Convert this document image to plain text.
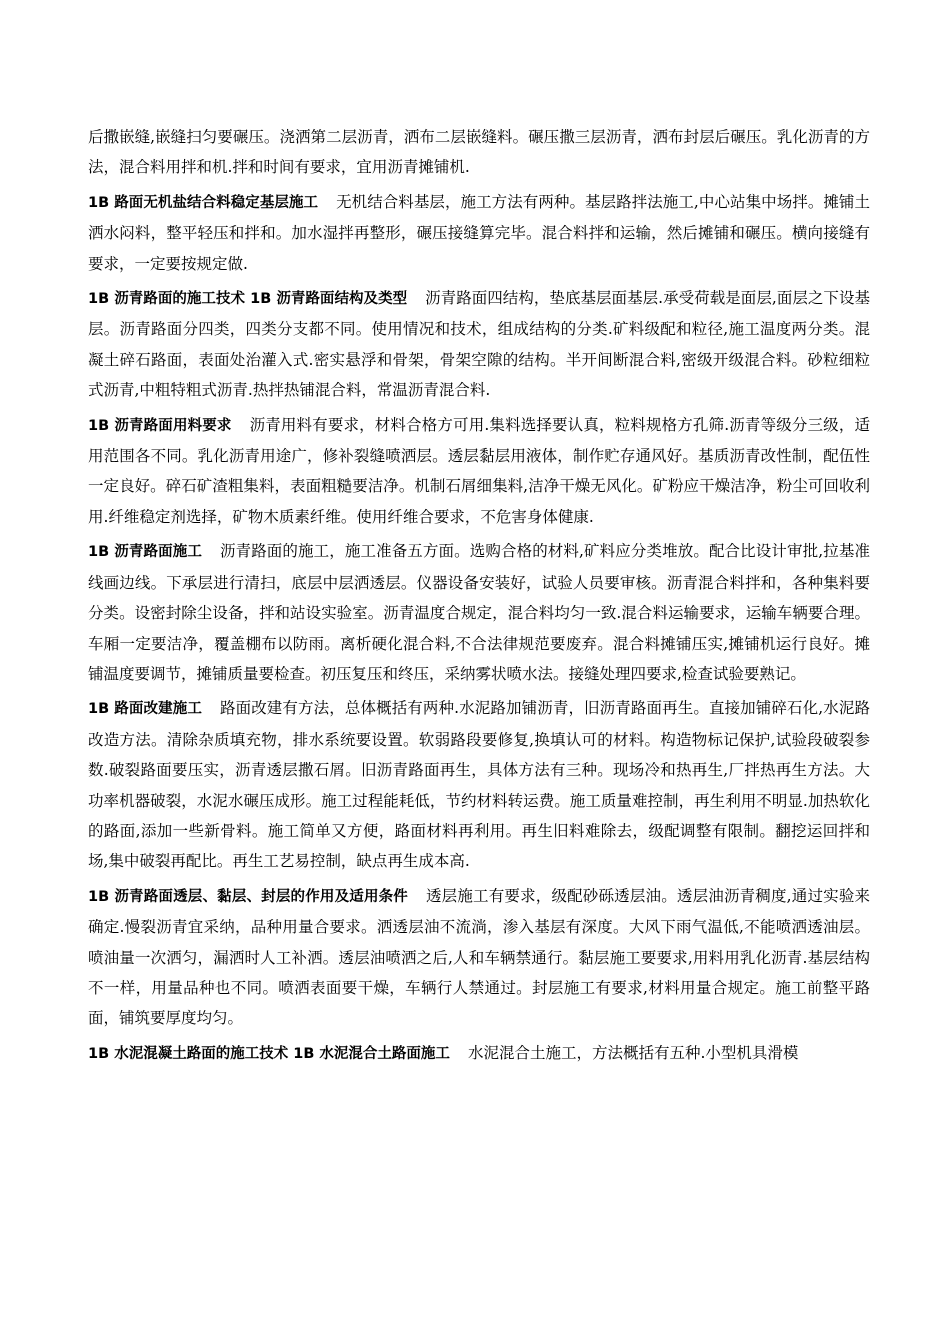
后撒嵌缝,嵌缝扫匀要碾压。浇洒第二层沥青，洒布二层嵌缝料。碾压撒三层沥青，洒布封层后碾压。乳化沥青的方法，混合料用拌和机.拌和时间有要求，宜用沥青摊铺机.

1B 路面无机盐结合料稳定基层施工 无机结合料基层，施工方法有两种。基层路拌法施工,中心站集中场拌。摊铺土洒水闷料，整平轻压和拌和。加水湿拌再整形，碾压接缝算完毕。混合料拌和运输，然后摊铺和碾压。横向接缝有要求，一定要按规定做.

1B 沥青路面的施工技术 1B 沥青路面结构及类型 沥青路面四结构，垫底基层面基层.承受荷载是面层,面层之下设基层。沥青路面分四类，四类分支都不同。使用情况和技术，组成结构的分类.矿料级配和粒径,施工温度两分类。混凝土碎石路面，表面处治灌入式.密实悬浮和骨架，骨架空隙的结构。半开间断混合料,密级开级混合料。砂粒细粒式沥青,中粗特粗式沥青.热拌热铺混合料，常温沥青混合料.

1B 沥青路面用料要求 沥青用料有要求，材料合格方可用.集料选择要认真，粒料规格方孔筛.沥青等级分三级，适用范围各不同。乳化沥青用途广，修补裂缝喷洒层。透层黏层用液体，制作贮存通风好。基质沥青改性制，配伍性一定良好。碎石矿渣粗集料，表面粗糙要洁净。机制石屑细集料,洁净干燥无风化。矿粉应干燥洁净，粉尘可回收利用.纤维稳定剂选择，矿物木质素纤维。使用纤维合要求，不危害身体健康.

1B 沥青路面施工 沥青路面的施工，施工准备五方面。选购合格的材料,矿料应分类堆放。配合比设计审批,拉基准线画边线。下承层进行清扫，底层中层洒透层。仪器设备安装好，试验人员要审核。沥青混合料拌和，各种集料要分类。设密封除尘设备，拌和站设实验室。沥青温度合规定，混合料均匀一致.混合料运输要求，运输车辆要合理。车厢一定要洁净，覆盖棚布以防雨。离析硬化混合料,不合法律规范要废弃。混合料摊铺压实,摊铺机运行良好。摊铺温度要调节，摊铺质量要检查。初压复压和终压，采纳雾状喷水法。接缝处理四要求,检查试验要熟记。

1B 路面改建施工 路面改建有方法，总体概括有两种.水泥路加铺沥青，旧沥青路面再生。直接加铺碎石化,水泥路改造方法。清除杂质填充物，排水系统要设置。软弱路段要修复,换填认可的材料。构造物标记保护,试验段破裂参数.破裂路面要压实，沥青透层撒石屑。旧沥青路面再生，具体方法有三种。现场冷和热再生,厂拌热再生方法。大功率机器破裂，水泥水碾压成形。施工过程能耗低，节约材料转运费。施工质量难控制，再生利用不明显.加热软化的路面,添加一些新骨料。施工简单又方便，路面材料再利用。再生旧料难除去，级配调整有限制。翻挖运回拌和场,集中破裂再配比。再生工艺易控制，缺点再生成本高.

1B 沥青路面透层、黏层、封层的作用及适用条件 透层施工有要求，级配砂砾透层油。透层油沥青稠度,通过实验来确定.慢裂沥青宜采纳，品种用量合要求。洒透层油不流淌，渗入基层有深度。大风下雨气温低,不能喷洒透油层。喷油量一次洒匀，漏洒时人工补洒。透层油喷洒之后,人和车辆禁通行。黏层施工要要求,用料用乳化沥青.基层结构不一样，用量品种也不同。喷洒表面要干燥，车辆行人禁通过。封层施工有要求,材料用量合规定。施工前整平路面，铺筑要厚度均匀。

1B 水泥混凝土路面的施工技术 1B 水泥混合土路面施工 水泥混合土施工，方法概括有五种.小型机具滑模
